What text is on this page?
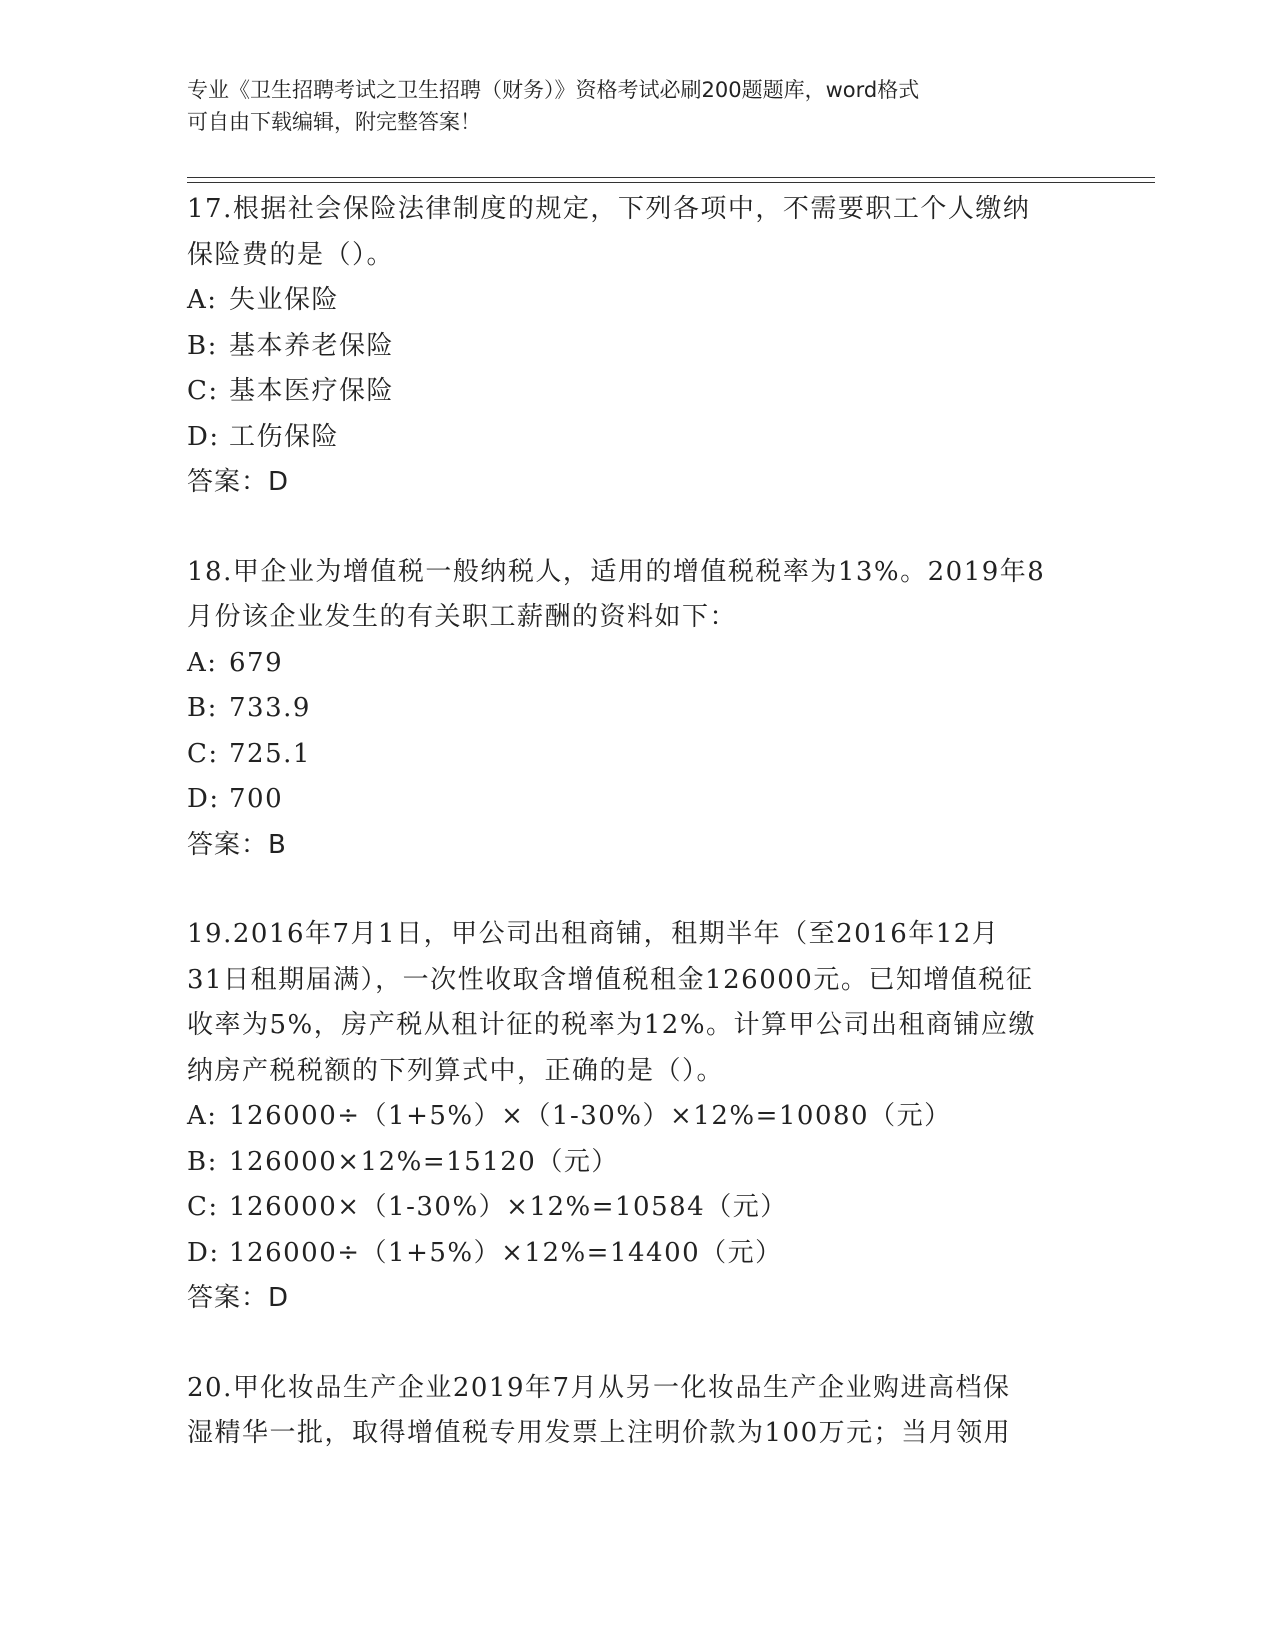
专业《卫生招聘考试之卫生招聘（财务）》资格考试必刷200题题库，word格式
可自由下载编辑，附完整答案！
17.根据社会保险法律制度的规定，下列各项中，不需要职工个人缴纳
保险费的是（）。
A: 失业保险
B: 基本养老保险
C: 基本医疗保险
D: 工伤保险
答案：D
18.甲企业为增值税一般纳税人，适用的增值税税率为13%。2019年8
月份该企业发生的有关职工薪酬的资料如下：
A: 679
B: 733.9
C: 725.1
D: 700
答案：B
19.2016年7月1日，甲公司出租商铺，租期半年（至2016年12月
31日租期届满），一次性收取含增值税租金126000元。已知增值税征
收率为5%，房产税从租计征的税率为12%。计算甲公司出租商铺应缴
纳房产税税额的下列算式中，正确的是（）。
A: 126000÷（1+5%）×（1-30%）×12%=10080（元）
B: 126000×12%=15120（元）
C: 126000×（1-30%）×12%=10584（元）
D: 126000÷（1+5%）×12%=14400（元）
答案：D
20.甲化妆品生产企业2019年7月从另一化妆品生产企业购进高档保
湿精华一批，取得增值税专用发票上注明价款为100万元；当月领用
